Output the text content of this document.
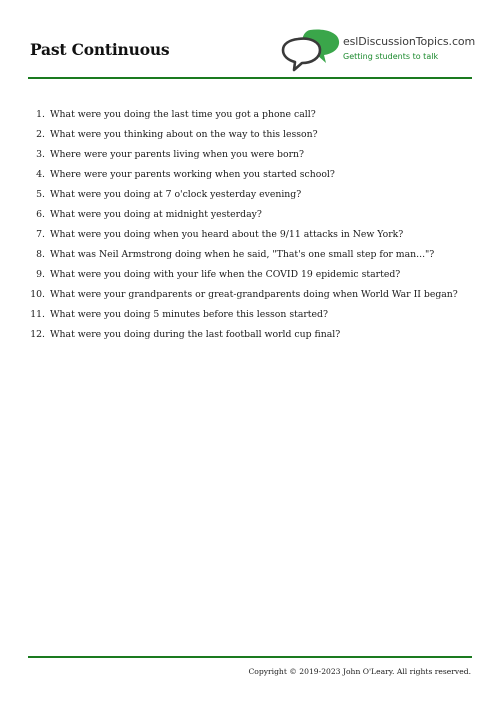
Past Continuous	eslDiscussionTopics.com
Getting students to talk
1. What were you doing the last time you got a phone call?
2. What were you thinking about on the way to this lesson?
3. Where were your parents living when you were born?
4. Where were your parents working when you started school?
5. What were you doing at 7 o'clock yesterday evening?
6. What were you doing at midnight yesterday?
7. What were you doing when you heard about the 9/11 attacks in New York?
8. What was Neil Armstrong doing when he said, "That's one small step for man..."?
9. What were you doing with your life when the COVID 19 epidemic started?
10. What were your grandparents or great-grandparents doing when World War II began?
11. What were you doing 5 minutes before this lesson started?
12. What were you doing during the last football world cup final?
Copyright © 2019-2023 John O'Leary. All rights reserved.
